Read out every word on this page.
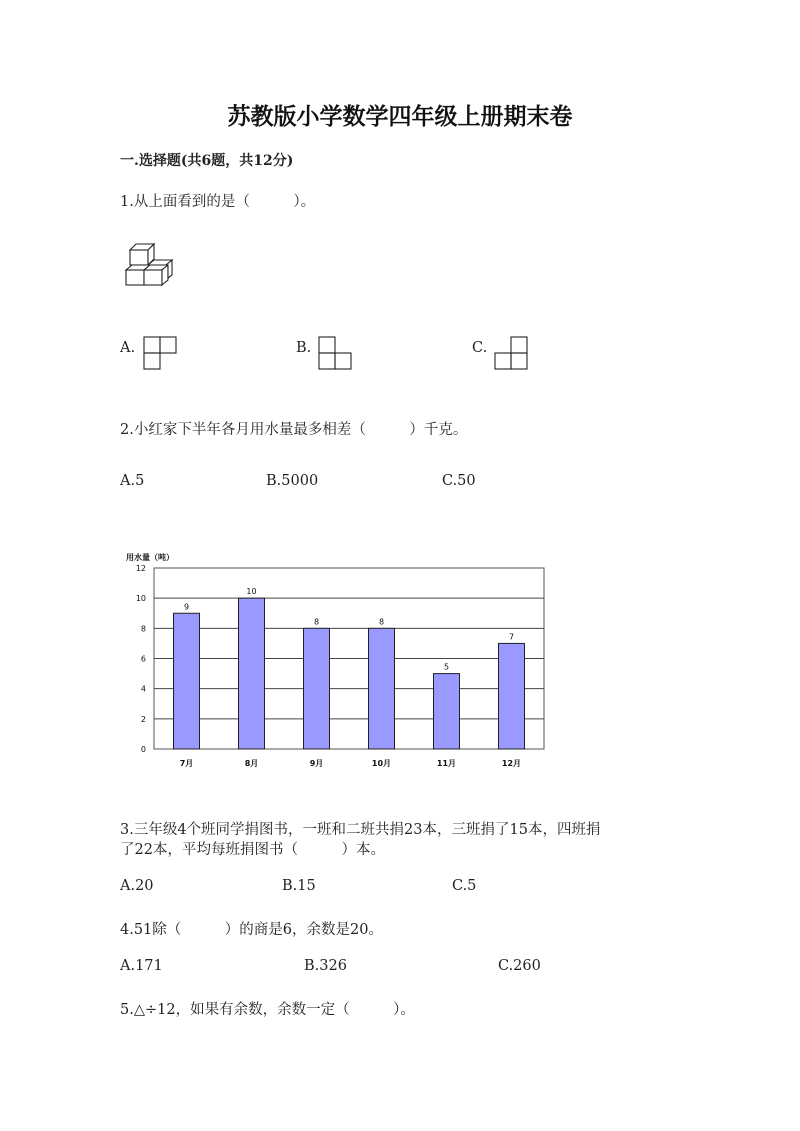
苏教版小学数学四年级上册期末卷
一.选择题(共6题，共12分)
1.从上面看到的是（　　　）。
A.	B.	C.
2.小红家下半年各月用水量最多相差（　　　）千克。
A.5	B.5000	C.50
用水量（吨）
0
2
4
6
8
10
12
9
7月
10
8月
8
9月
8
10月
5
11月
7
12月
3.三年级4个班同学捐图书，一班和二班共捐23本，三班捐了15本，四班捐
了22本，平均每班捐图书（　　　）本。
A.20	B.15	C.5
4.51除（　　　）的商是6，余数是20。
A.171	B.326	C.260
5.△÷12，如果有余数，余数一定（　　　）。
